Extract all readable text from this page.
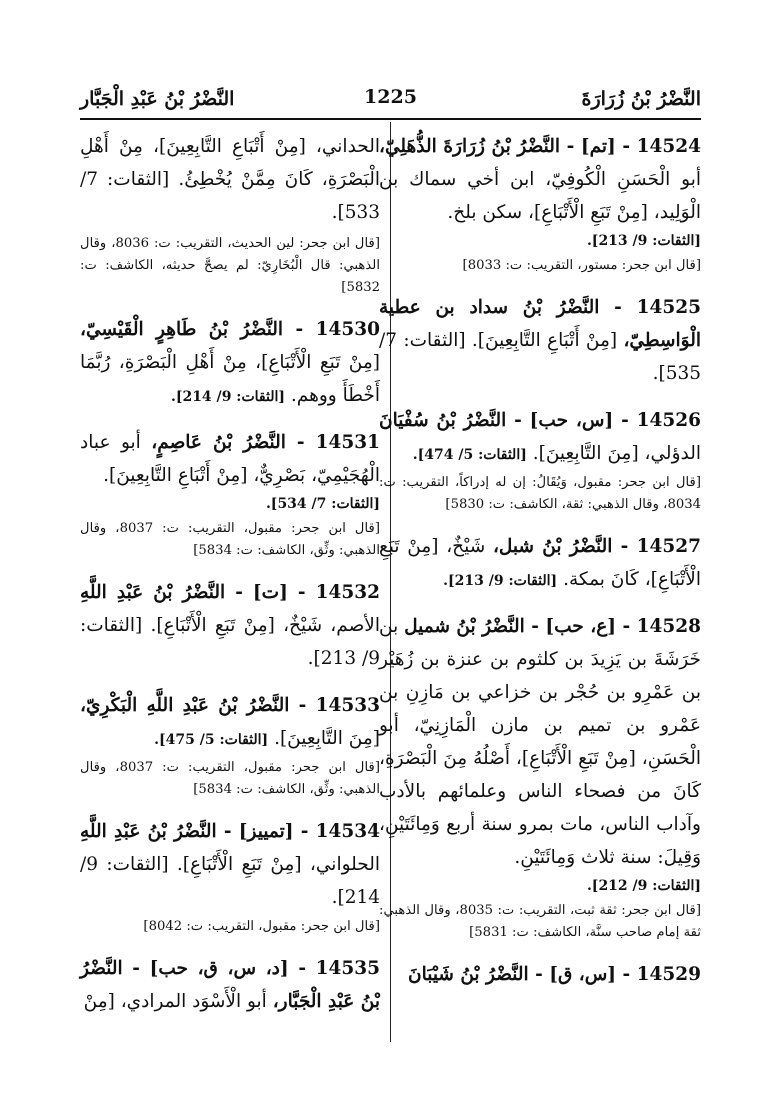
النَّضْرُ بْنُ زُرَارَةَ
1225
النَّضْرُ بْنُ عَبْدِ الْجَبَّار
14524 - [تم] - النَّضْرُ بْنُ زُرَارَةَ الذُّهَلِيّ، أبو الْحَسَنِ الْكُوفِيّ، ابن أخي سماك بن الْوَلِيد، [مِنْ تَبَعِ الْأَتْبَاعِ]، سكن بلخ.
[الثقات: 9/ 213].
[قال ابن جحر: مستور، التقريب: ت: 8033]
14525 - النَّضْرُ بْنُ سداد بن عطية الْوَاسِطِيّ، [مِنْ أَتْبَاعِ التَّابِعِينَ]. [الثقات: 7/ 535].
14526 - [س، حب] - النَّضْرُ بْنُ سُفْيَانَ الدؤلي، [مِنَ التَّابِعِينَ]. [الثقات: 5/ 474].
[قال ابن جحر: مقبول، وَيُقَالُ: إن له إدراكاً، التقريب: ت: 8034، وقال الذهبي: ثقة، الكاشف: ت: 5830]
14527 - النَّضْرُ بْنُ شبل، شَيْخٌ، [مِنْ تَبَعِ الْأَتْبَاعِ]، كَانَ بمكة. [الثقات: 9/ 213].
14528 - [ع، حب] - النَّضْرُ بْنُ شميل بن خَرَشَةَ بن يَزِيدَ بن كلثوم بن عنزة بن زُهَيْر بن عَمْرِو بن حُجْر بن خزاعي بن مَازِنِ بن عَمْرو بن تميم بن مازن الْمَازِنِيّ، أبو الْحَسَنِ، [مِنْ تَبَعِ الْأَتْبَاعِ]، أَصْلُهُ مِنَ الْبَصْرَةِ، كَانَ من فصحاء الناس وعلمائهم بالأدب وآداب الناس، مات بمرو سنة أربع وَمِائَتَيْنِ، وَقِيلَ: سنة ثلاث وَمِائَتَيْنِ.
[الثقات: 9/ 212].
[قال ابن جحر: ثقة ثبت، التقريب: ت: 8035، وقال الذهبي: ثقة إمام صاحب سنَّة، الكاشف: ت: 5831]
14529 - [س، ق] - النَّضْرُ بْنُ شَيْبَانَ
الحداني، [مِنْ أَتْبَاعِ التَّابِعِينَ]، مِنْ أَهْلِ الْبَصْرَةِ، كَانَ مِمَّنْ يُخْطِئُ. [الثقات: 7/ 533].
[قال ابن جحر: لين الحديث، التقريب: ت: 8036، وقال الذهبي: قال الْبُخَارِيّ: لم يصحَّ حديثه، الكاشف: ت: 5832]
14530 - النَّضْرُ بْنُ طَاهِرٍ الْقَيْسِيّ، [مِنْ تَبَعِ الْأَتْبَاعِ]، مِنْ أَهْلِ الْبَصْرَةِ، رُبَّمَا أَخْطَأَ ووهم. [الثقات: 9/ 214].
14531 - النَّضْرُ بْنُ عَاصِمٍ، أبو عباد الْهُجَيْمِيّ، بَصْرِيٌّ، [مِنْ أَتْبَاعِ التَّابِعِينَ].
[الثقات: 7/ 534].
[قال ابن جحر: مقبول، التقريب: ت: 8037، وقال الذهبي: وثِّق، الكاشف: ت: 5834]
14532 - [ت] - النَّضْرُ بْنُ عَبْدِ اللَّهِ الأصم، شَيْخٌ، [مِنْ تَبَعِ الْأَتْبَاعِ]. [الثقات: 9/ 213].
14533 - النَّضْرُ بْنُ عَبْدِ اللَّهِ الْبَكْرِيّ، [مِنَ التَّابِعِينَ]. [الثقات: 5/ 475].
[قال ابن جحر: مقبول، التقريب: ت: 8037، وقال الذهبي: وثِّق، الكاشف: ت: 5834]
14534 - [تمييز] - النَّضْرُ بْنُ عَبْدِ اللَّهِ الحلواني، [مِنْ تَبَعِ الْأَتْبَاعِ]. [الثقات: 9/ 214].
[قال ابن جحر: مقبول، التقريب: ت: 8042]
14535 - [د، س، ق، حب] - النَّضْرُ بْنُ عَبْدِ الْجَبَّار، أبو الْأَسْوَد المرادي، [مِنْ
